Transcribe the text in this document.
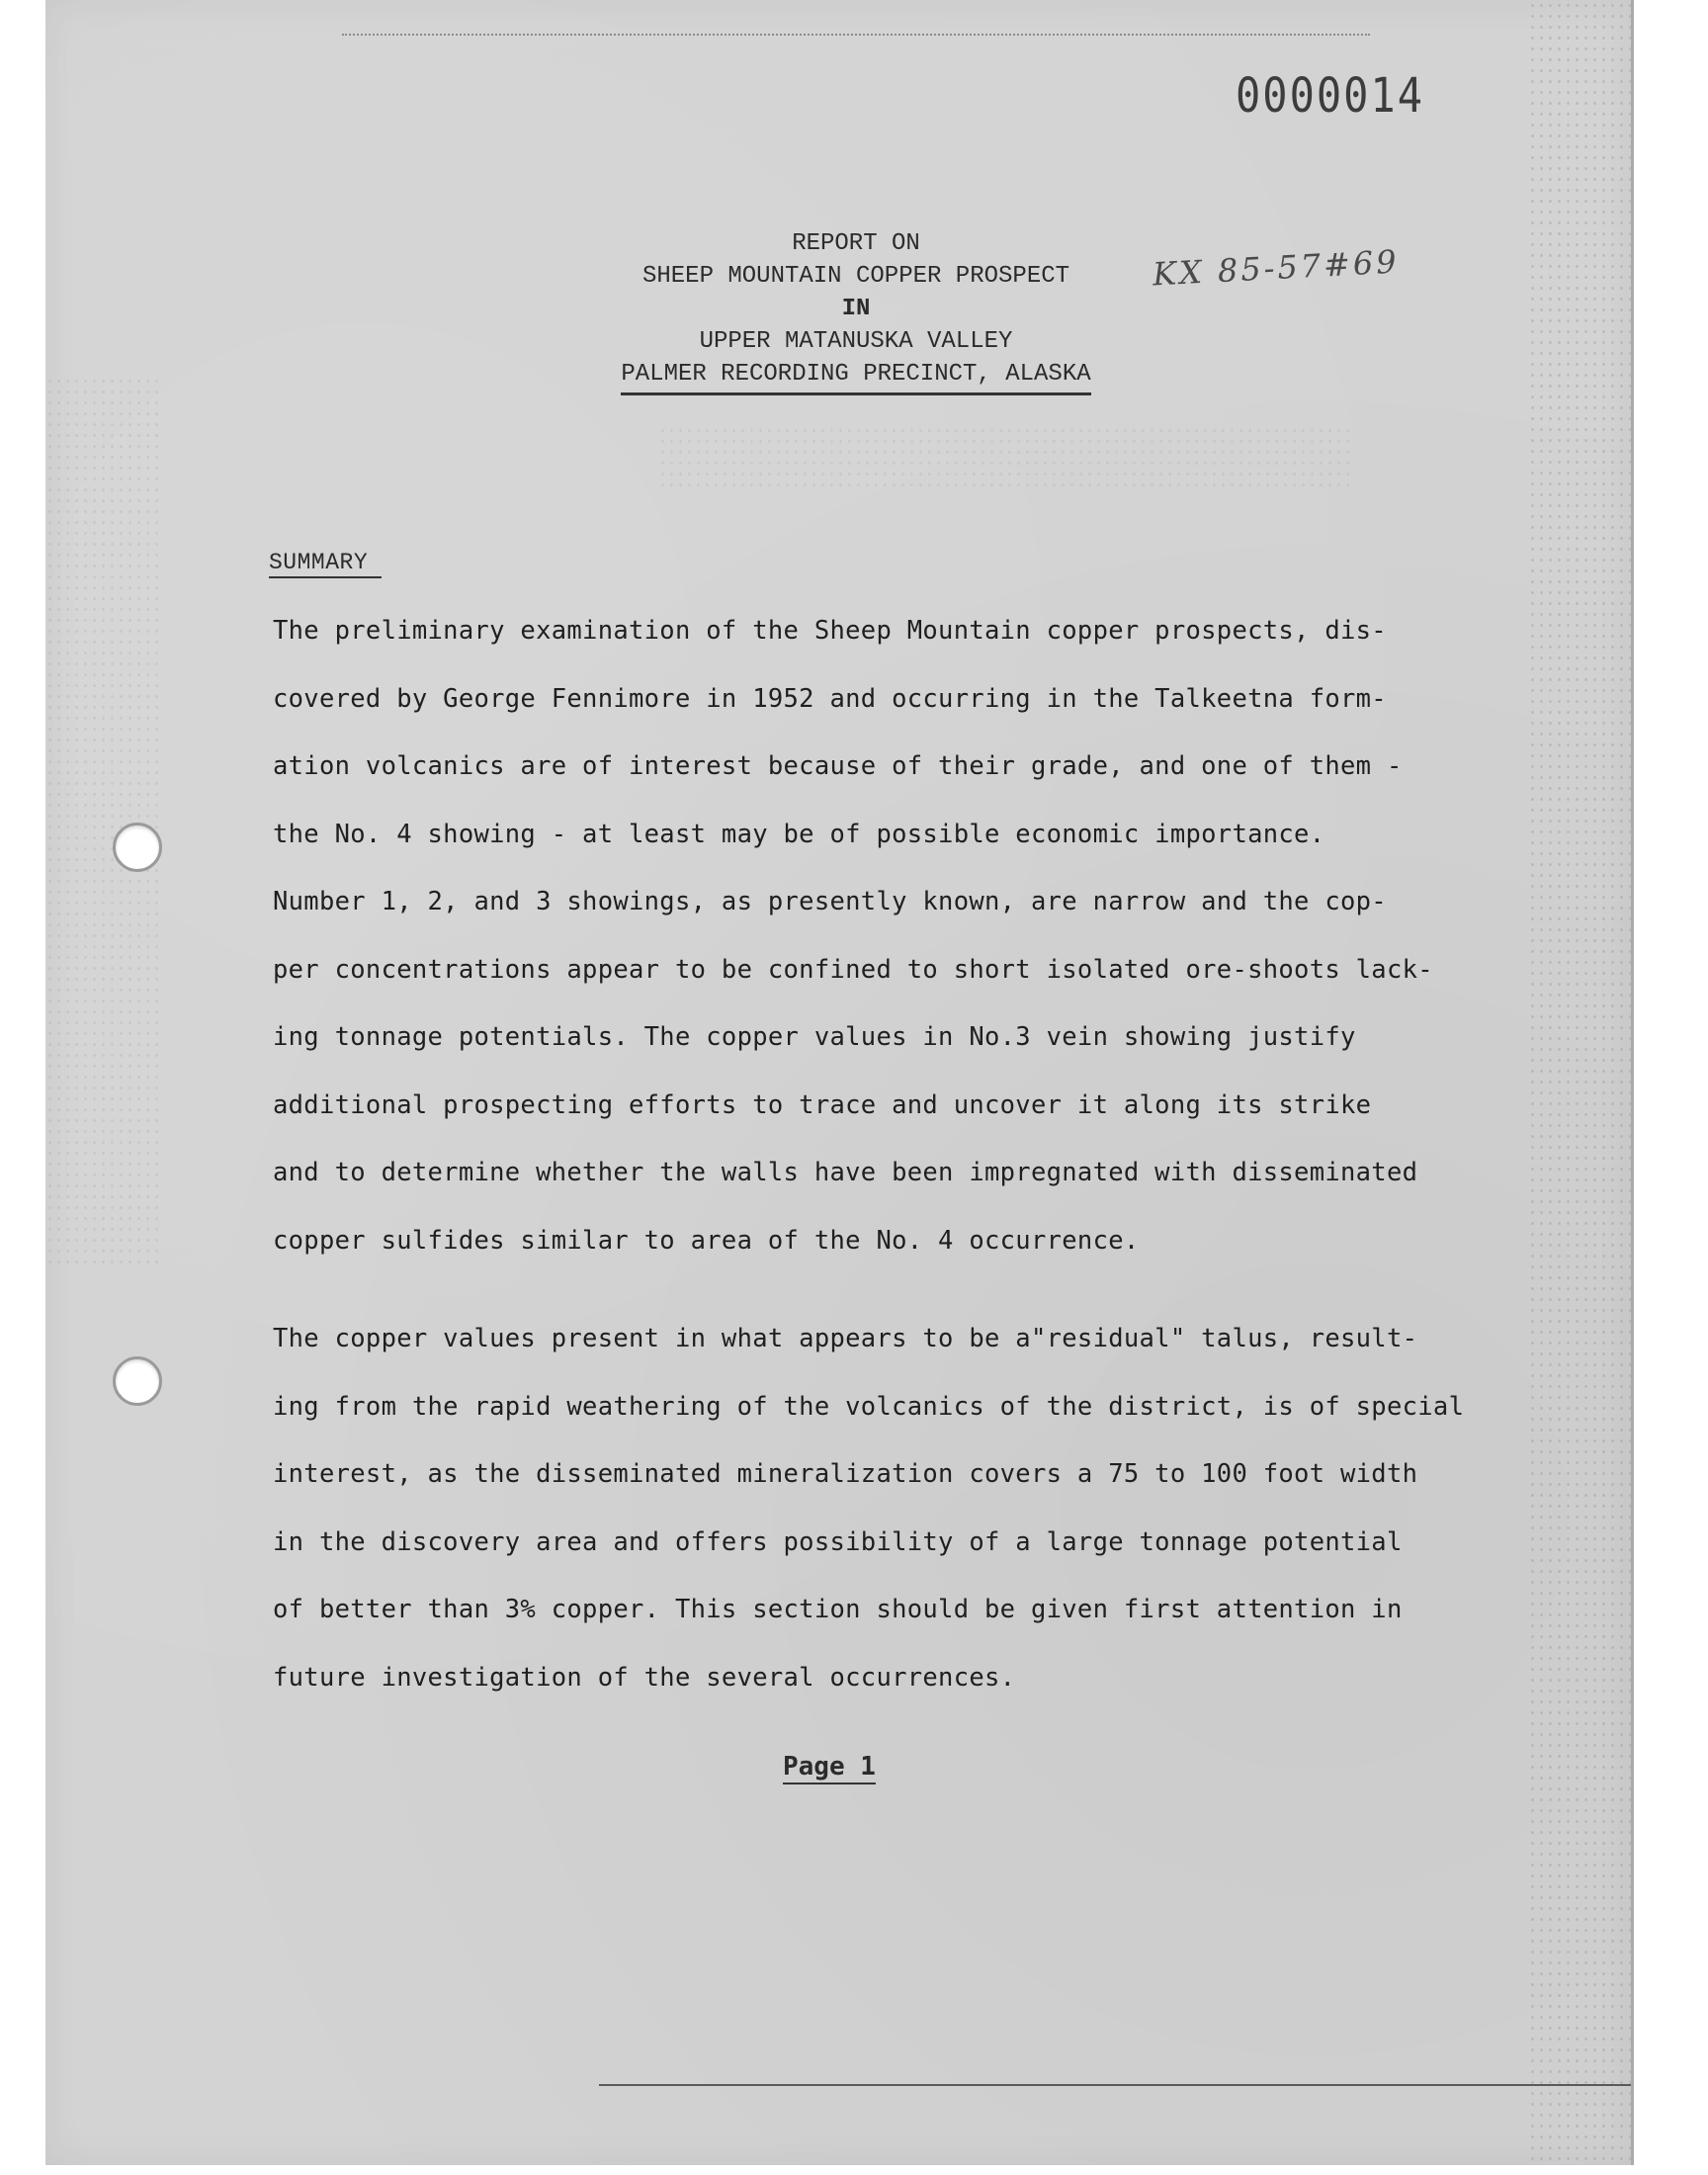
0000014
KX 85-57#69
REPORT ON
SHEEP MOUNTAIN COPPER PROSPECT
IN
UPPER MATANUSKA VALLEY
PALMER RECORDING PRECINCT, ALASKA
SUMMARY

The preliminary examination of the Sheep Mountain copper prospects, dis-
covered by George Fennimore in 1952 and occurring in the Talkeetna form-
ation volcanics are of interest because of their grade, and one of them -
the No. 4 showing - at least may be of possible economic importance.
Number 1, 2, and 3 showings, as presently known, are narrow and the cop-
per concentrations appear to be confined to short isolated ore-shoots lack-
ing tonnage potentials. The copper values in No.3 vein showing justify
additional prospecting efforts to trace and uncover it along its strike
and to determine whether the walls have been impregnated with disseminated
copper sulfides similar to area of the No. 4 occurrence.

The copper values present in what appears to be a"residual" talus, result-
ing from the rapid weathering of the volcanics of the district, is of special
interest, as the disseminated mineralization covers a 75 to 100 foot width
in the discovery area and offers possibility of a large tonnage potential
of better than 3% copper. This section should be given first attention in
future investigation of the several occurrences.

Page 1
